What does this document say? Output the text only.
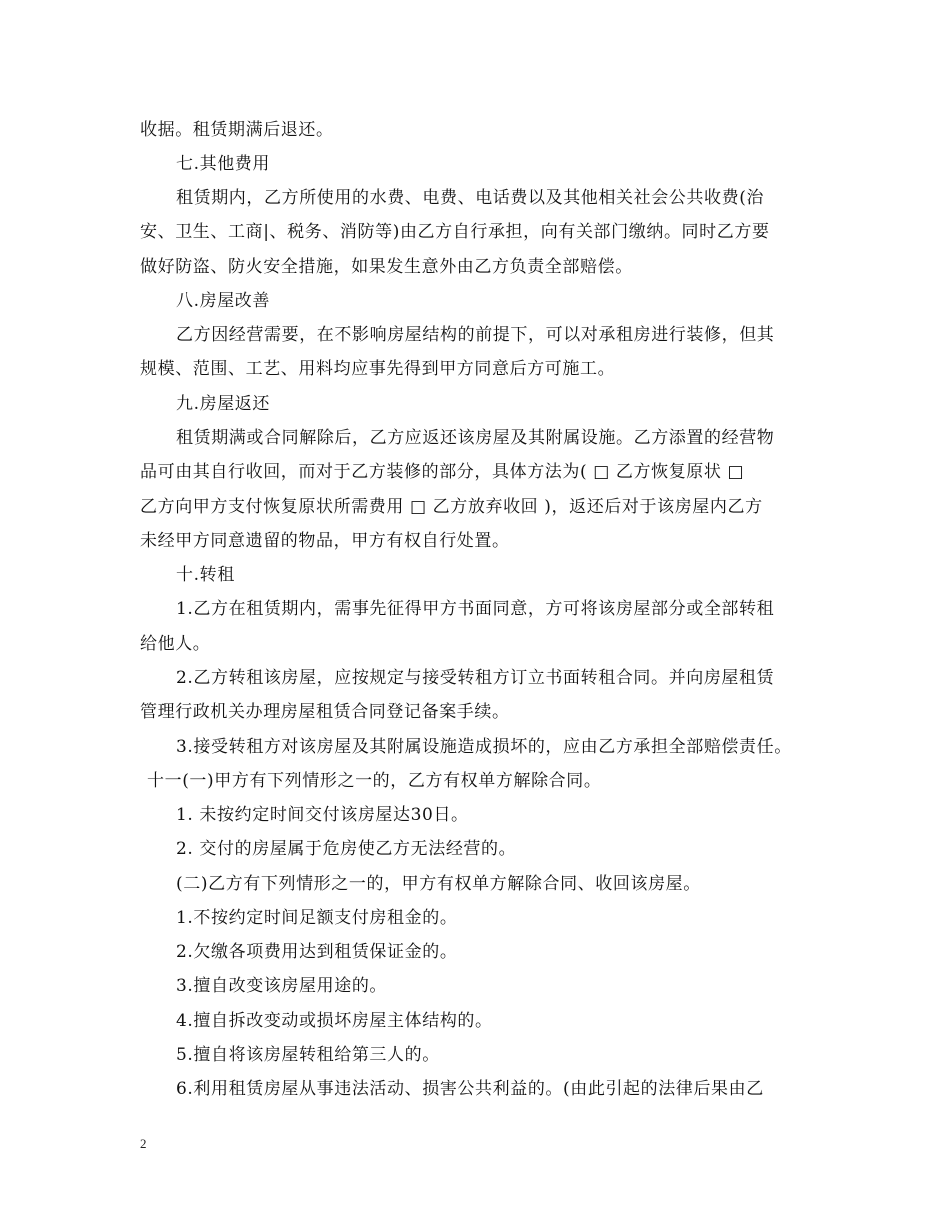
收据。租赁期满后退还。
七.其他费用
租赁期内，乙方所使用的水费、电费、电话费以及其他相关社会公共收费(治
安、卫生、工商|、税务、消防等)由乙方自行承担，向有关部门缴纳。同时乙方要
做好防盗、防火安全措施，如果发生意外由乙方负责全部赔偿。
八.房屋改善
乙方因经营需要，在不影响房屋结构的前提下，可以对承租房进行装修，但其
规模、范围、工艺、用料均应事先得到甲方同意后方可施工。
九.房屋返还
租赁期满或合同解除后，乙方应返还该房屋及其附属设施。乙方添置的经营物
品可由其自行收回，而对于乙方装修的部分，具体方法为( □ 乙方恢复原状 □
乙方向甲方支付恢复原状所需费用 □ 乙方放弃收回 )，返还后对于该房屋内乙方
未经甲方同意遗留的物品，甲方有权自行处置。
十.转租
1.乙方在租赁期内，需事先征得甲方书面同意，方可将该房屋部分或全部转租
给他人。
2.乙方转租该房屋，应按规定与接受转租方订立书面转租合同。并向房屋租赁
管理行政机关办理房屋租赁合同登记备案手续。
3.接受转租方对该房屋及其附属设施造成损坏的，应由乙方承担全部赔偿责任。
十一(一)甲方有下列情形之一的，乙方有权单方解除合同。
1. 未按约定时间交付该房屋达30日。
2. 交付的房屋属于危房使乙方无法经营的。
(二)乙方有下列情形之一的，甲方有权单方解除合同、收回该房屋。
1.不按约定时间足额支付房租金的。
2.欠缴各项费用达到租赁保证金的。
3.擅自改变该房屋用途的。
4.擅自拆改变动或损坏房屋主体结构的。
5.擅自将该房屋转租给第三人的。
6.利用租赁房屋从事违法活动、损害公共利益的。(由此引起的法律后果由乙
2
